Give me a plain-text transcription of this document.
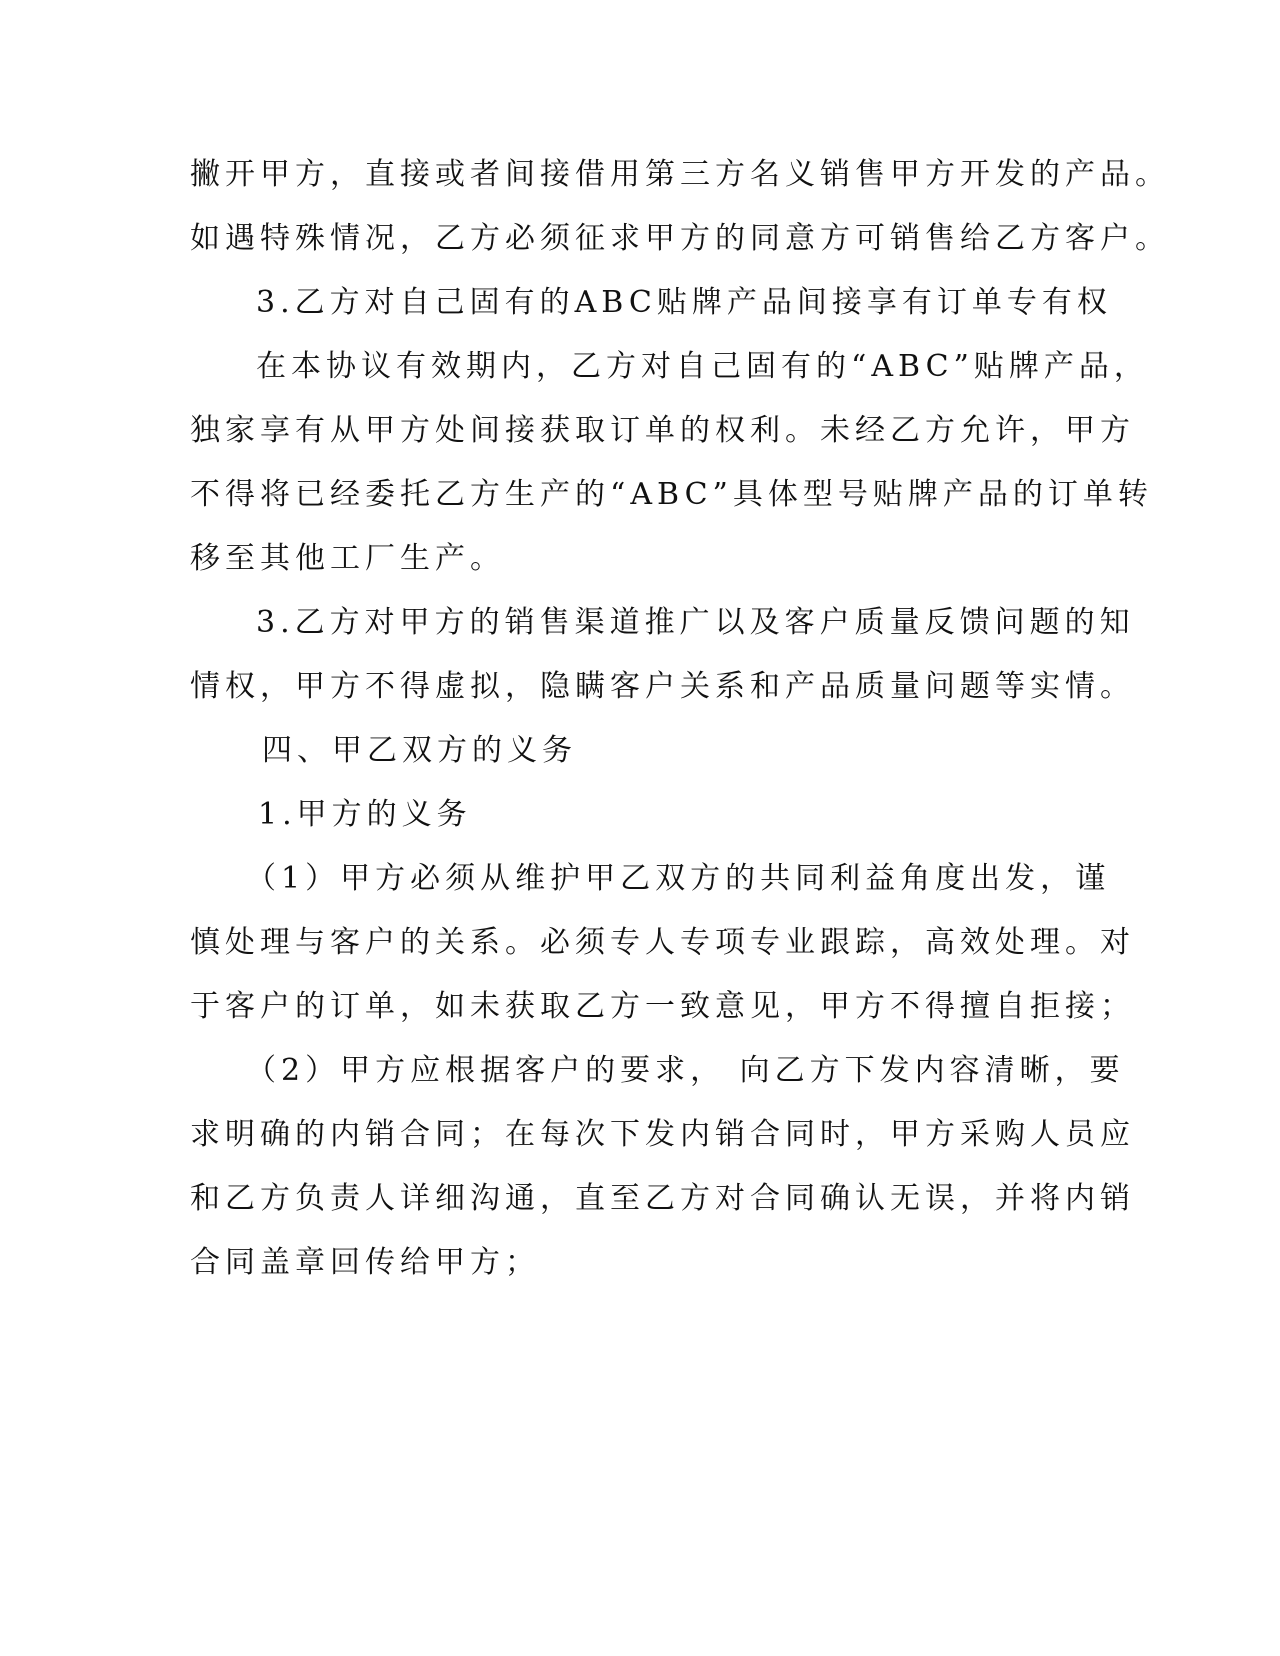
撇开甲方，直接或者间接借用第三方名义销售甲方开发的产品。
如遇特殊情况，乙方必须征求甲方的同意方可销售给乙方客户。
3.乙方对自己固有的ABC贴牌产品间接享有订单专有权
在本协议有效期内，乙方对自己固有的“ABC”贴牌产品，
独家享有从甲方处间接获取订单的权利。未经乙方允许，甲方
不得将已经委托乙方生产的“ABC”具体型号贴牌产品的订单转
移至其他工厂生产。
3.乙方对甲方的销售渠道推广以及客户质量反馈问题的知
情权，甲方不得虚拟，隐瞒客户关系和产品质量问题等实情。
四、甲乙双方的义务
1.甲方的义务
（1）甲方必须从维护甲乙双方的共同利益角度出发，谨
慎处理与客户的关系。必须专人专项专业跟踪，高效处理。对
于客户的订单，如未获取乙方一致意见，甲方不得擅自拒接；
（2）甲方应根据客户的要求， 向乙方下发内容清晰，要
求明确的内销合同；在每次下发内销合同时，甲方采购人员应
和乙方负责人详细沟通，直至乙方对合同确认无误，并将内销
合同盖章回传给甲方；
